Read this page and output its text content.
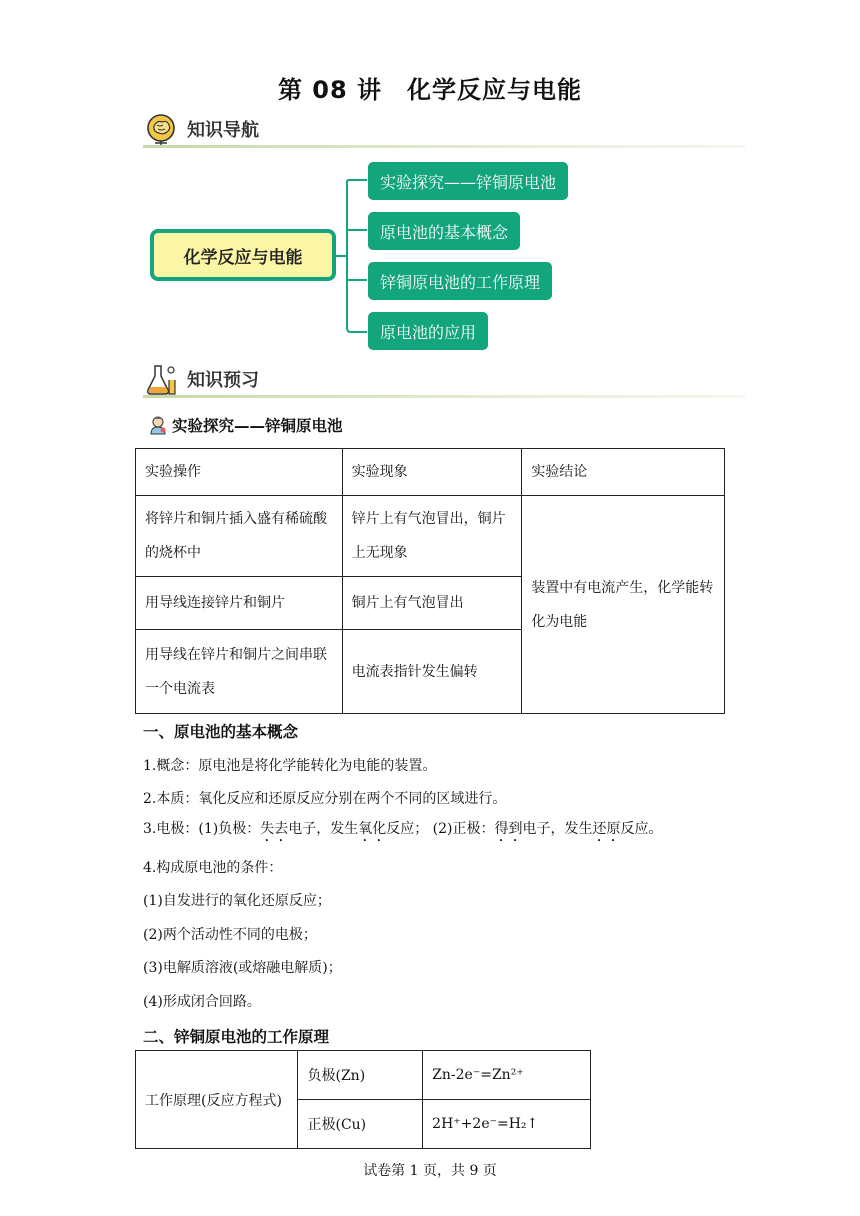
第 08 讲　化学反应与电能
知识导航
化学反应与电能
实验探究——锌铜原电池
原电池的基本概念
锌铜原电池的工作原理
原电池的应用
知识预习
实验探究——锌铜原电池
实验操作	实验现象	实验结论
将锌片和铜片插入盛有稀硫酸的烧杯中	锌片上有气泡冒出，铜片上无现象	装置中有电流产生，化学能转化为电能
用导线连接锌片和铜片	铜片上有气泡冒出	
用导线在锌片和铜片之间串联一个电流表	电流表指针发生偏转	
一、原电池的基本概念
1.概念：原电池是将化学能转化为电能的装置。
2.本质：氧化反应和还原反应分别在两个不同的区域进行。
3.电极：(1)负极：失去电子，发生氧化反应； (2)正极：得到电子，发生还原反应。
4.构成原电池的条件：
(1)自发进行的氧化还原反应；
(2)两个活动性不同的电极；
(3)电解质溶液(或熔融电解质)；
(4)形成闭合回路。
二、锌铜原电池的工作原理
工作原理(反应方程式)	负极(Zn)	Zn-2e⁻=Zn²⁺
	正极(Cu)	2H⁺+2e⁻=H₂↑
试卷第 1 页，共 9 页
